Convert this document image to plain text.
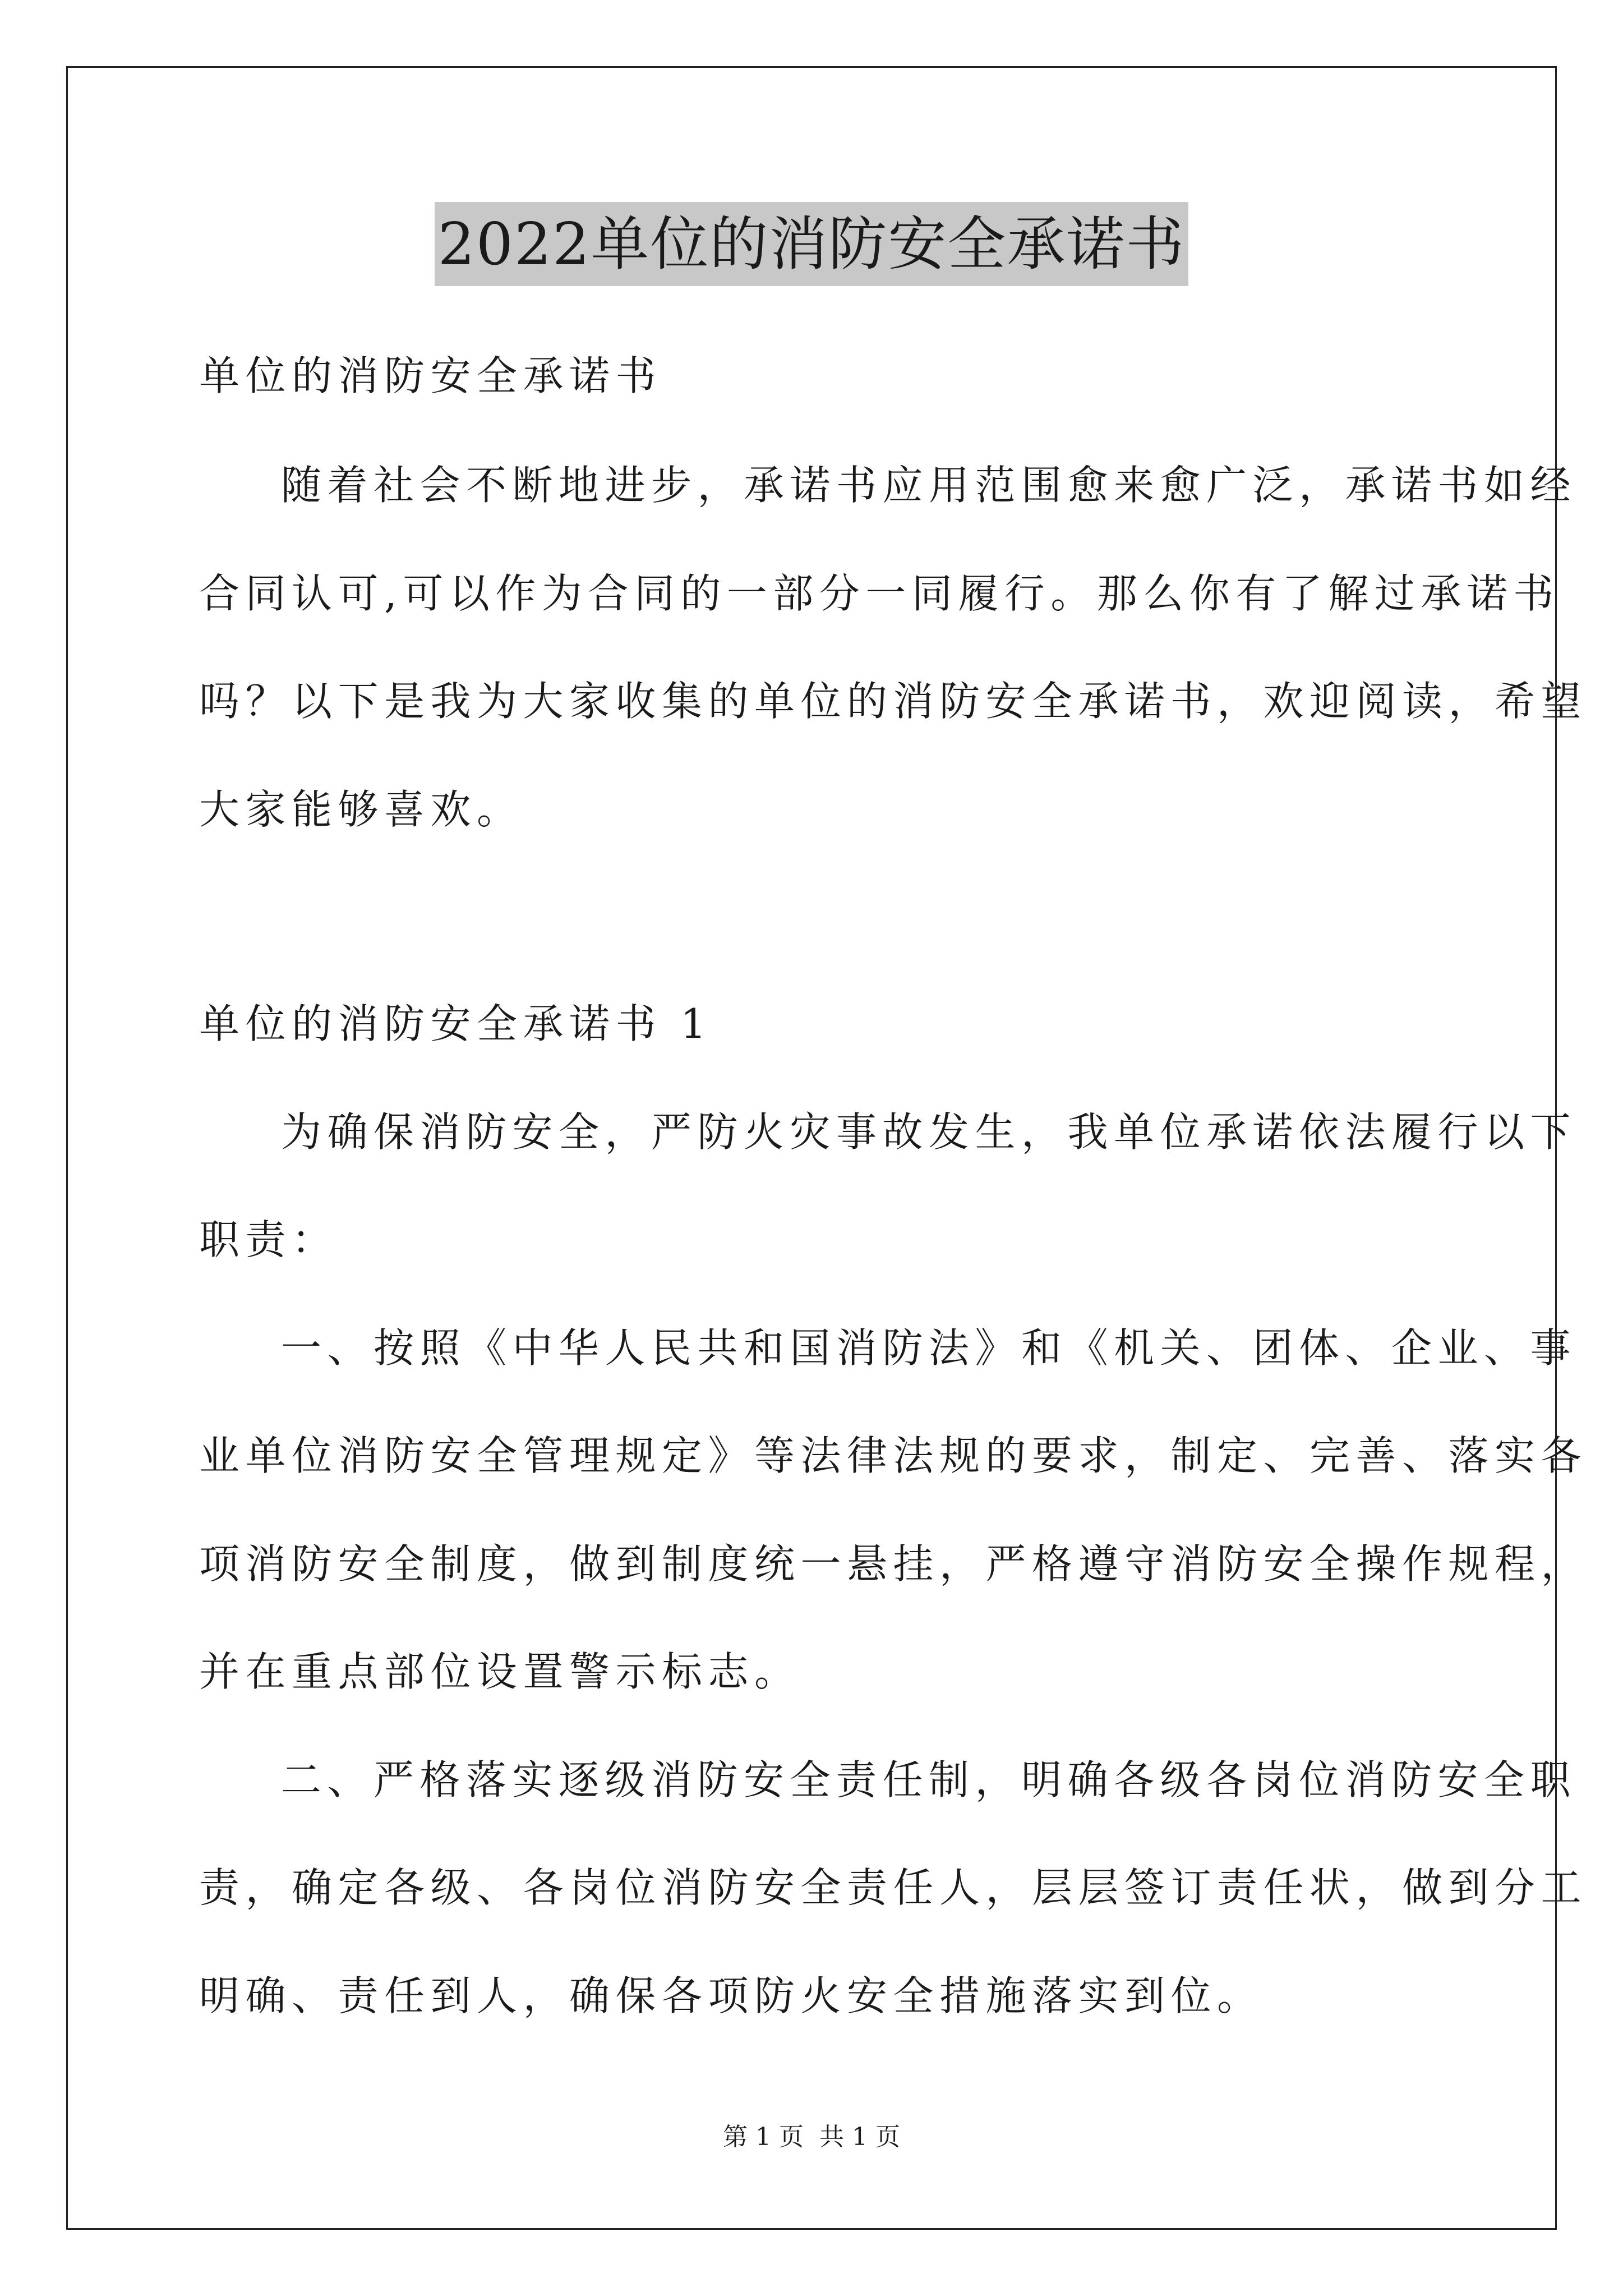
2022单位的消防安全承诺书
单位的消防安全承诺书
随着社会不断地进步，承诺书应用范围愈来愈广泛，承诺书如经
合同认可,可以作为合同的一部分一同履行。那么你有了解过承诺书
吗？以下是我为大家收集的单位的消防安全承诺书，欢迎阅读，希望
大家能够喜欢。
单位的消防安全承诺书 1
为确保消防安全，严防火灾事故发生，我单位承诺依法履行以下
职责：
一、按照《中华人民共和国消防法》和《机关、团体、企业、事
业单位消防安全管理规定》等法律法规的要求，制定、完善、落实各
项消防安全制度，做到制度统一悬挂，严格遵守消防安全操作规程，
并在重点部位设置警示标志。
二、严格落实逐级消防安全责任制，明确各级各岗位消防安全职
责，确定各级、各岗位消防安全责任人，层层签订责任状，做到分工
明确、责任到人，确保各项防火安全措施落实到位。
第 1 页 共 1 页
